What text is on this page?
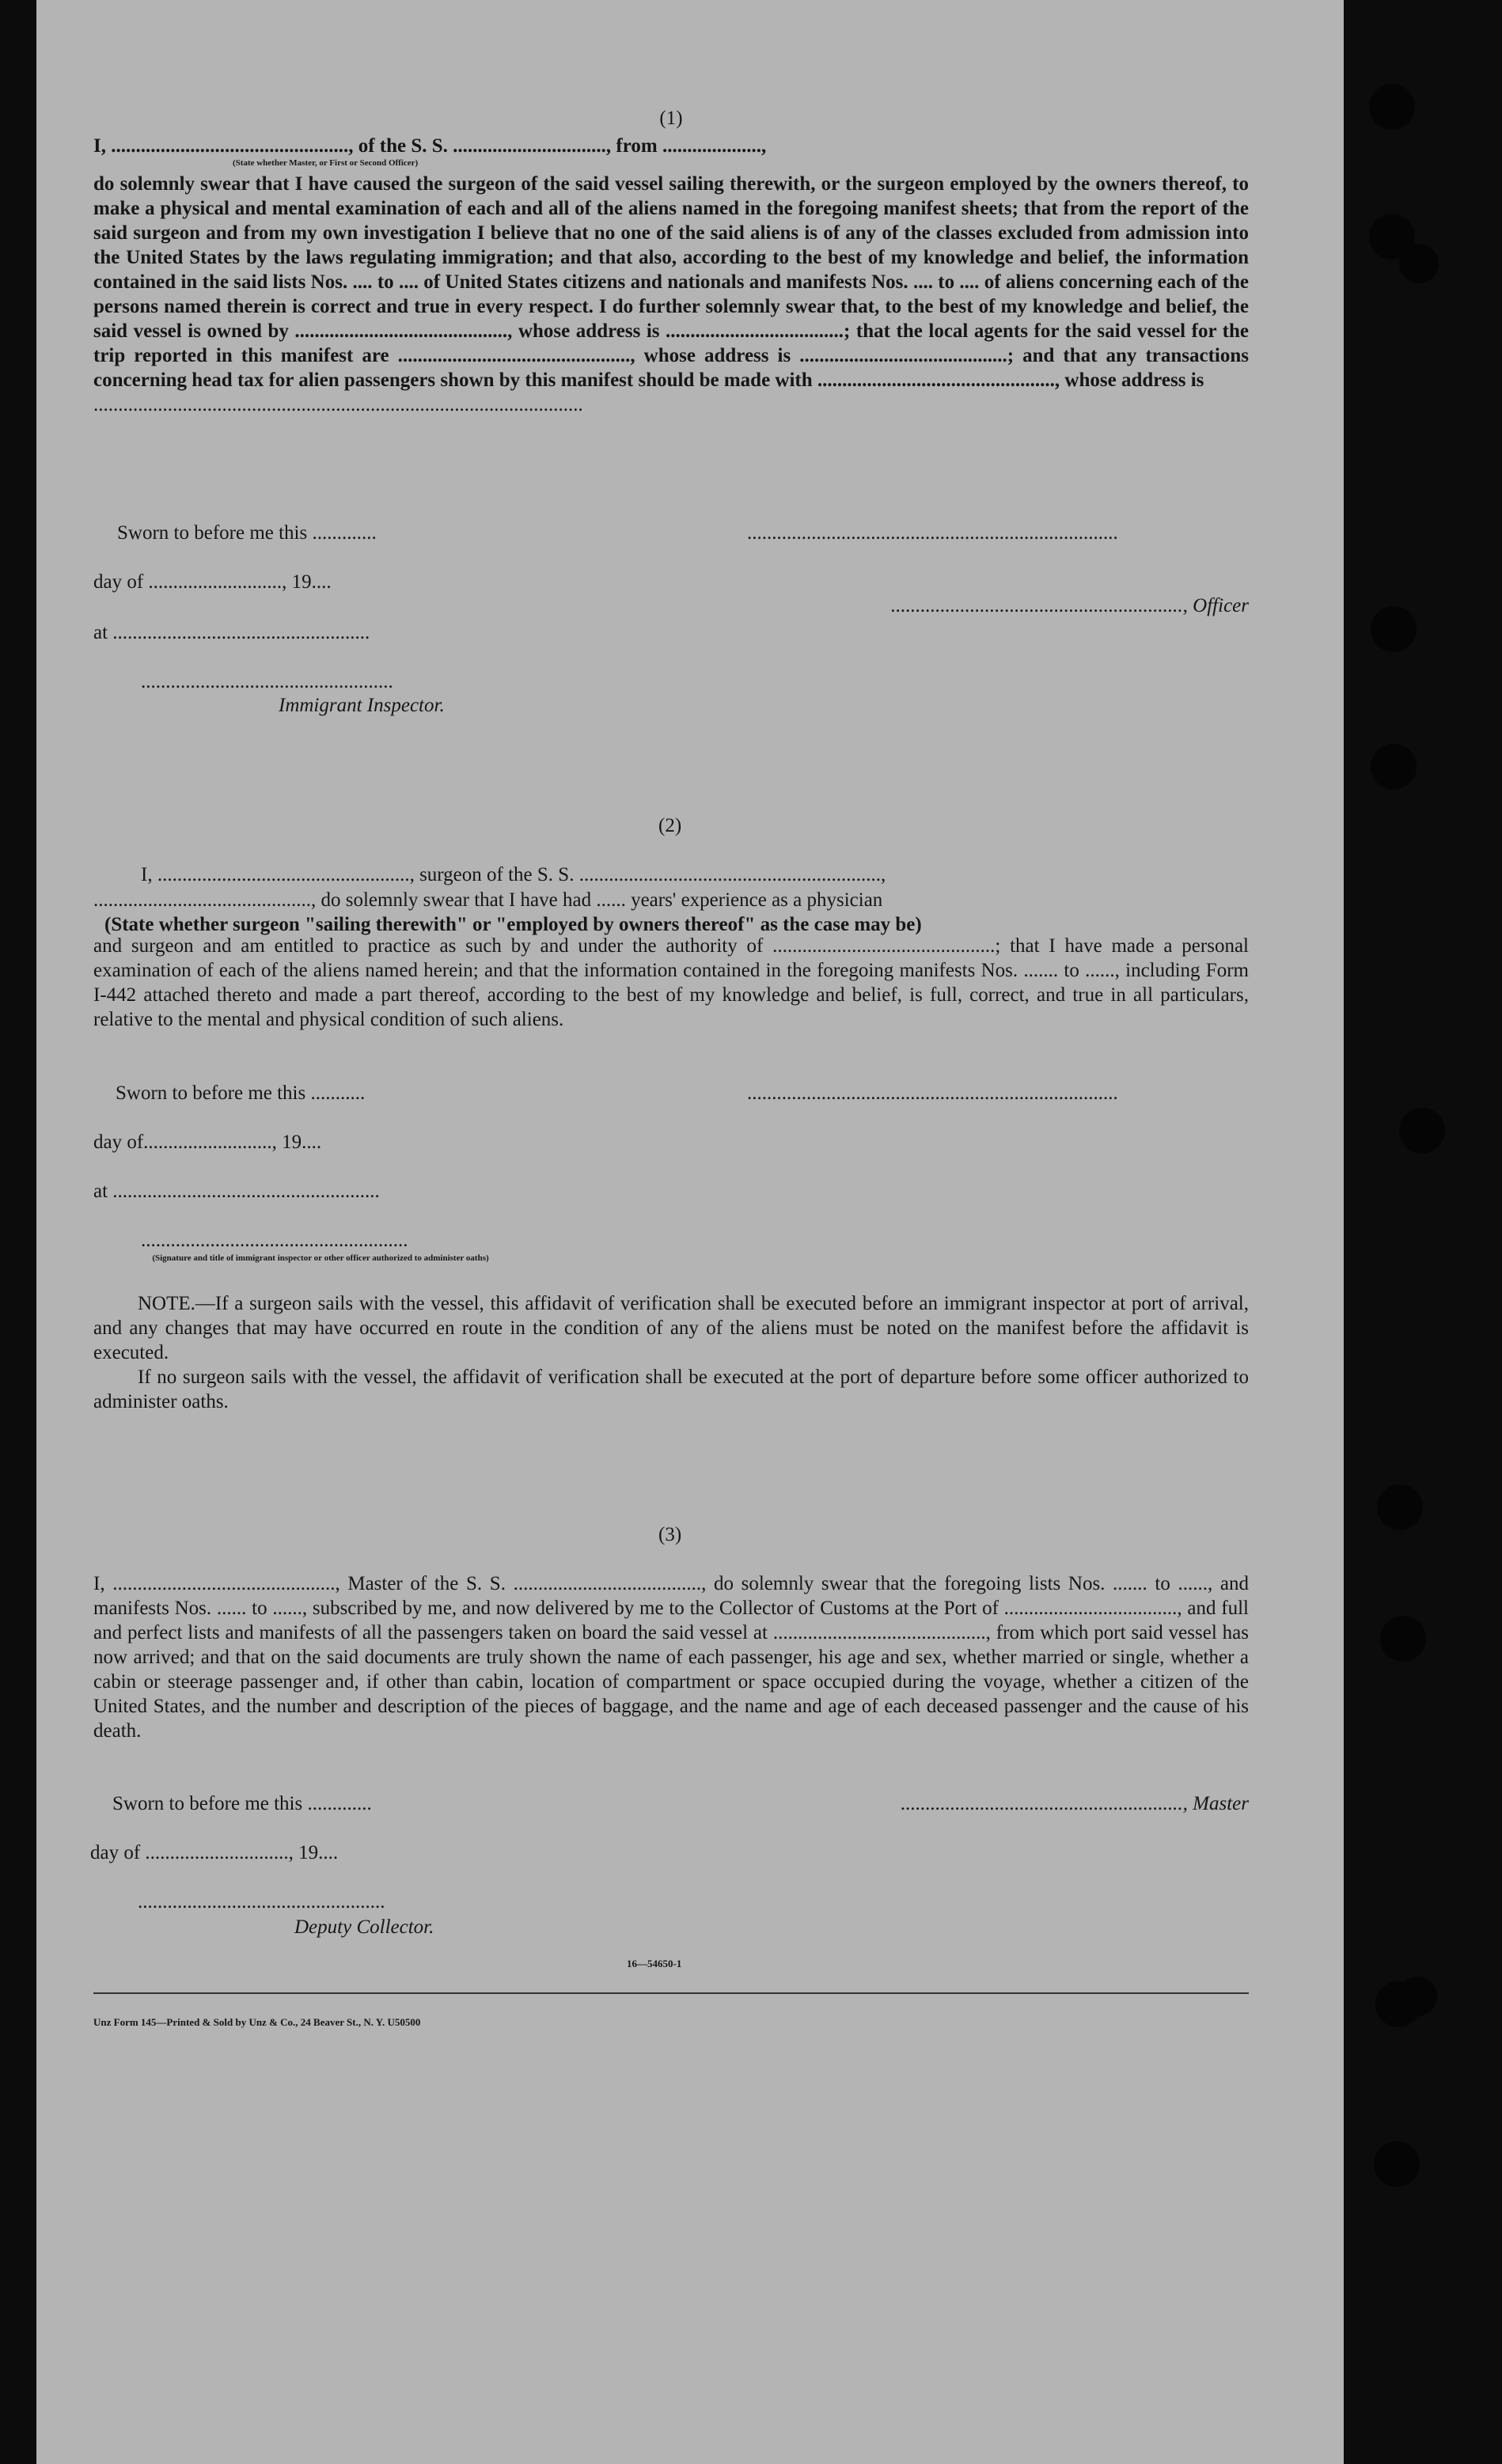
(1)

I, ................................................, of the S. S. ..............................., from ....................,

(State whether Master, or First or Second Officer)

do solemnly swear that I have caused the surgeon of the said vessel sailing therewith, or the surgeon employed by the owners thereof, to make a physical and mental examination of each and all of the aliens named in the foregoing manifest sheets; that from the report of the said surgeon and from my own investigation I believe that no one of the said aliens is of any of the classes excluded from admission into the United States by the laws regulating immigration; and that also, according to the best of my knowledge and belief, the information contained in the said lists Nos. .... to .... of United States citizens and nationals and manifests Nos. .... to .... of aliens concerning each of the persons named therein is correct and true in every respect. I do further solemnly swear that, to the best of my knowledge and belief, the said vessel is owned by ..........................................., whose address is ....................................; that the local agents for the said vessel for the trip reported in this manifest are ..............................................., whose address is ..........................................; and that any transactions concerning head tax for alien passengers shown by this manifest should be made with ................................................, whose address is

...................................................................................................

Sworn to before me this .............	...........................................................................
day of ..........................., 19....
..........................................................., Officer
at ....................................................
...................................................
Immigrant Inspector.
(2)
I, ..................................................., surgeon of the S. S. .............................................................,
............................................, do solemnly swear that I have had ...... years' experience as a physician
(State whether surgeon "sailing therewith" or "employed by owners thereof" as the case may be)

and surgeon and am entitled to practice as such by and under the authority of .............................................; that I have made a personal examination of each of the aliens named herein; and that the information contained in the foregoing manifests Nos. ....... to ......, including Form I-442 attached thereto and made a part thereof, according to the best of my knowledge and belief, is full, correct, and true in all particulars, relative to the mental and physical condition of such aliens.

Sworn to before me this ...........	...........................................................................
day of.........................., 19....
at ......................................................
......................................................
(Signature and title of immigrant inspector or other officer authorized to administer oaths)

NOTE.—If a surgeon sails with the vessel, this affidavit of verification shall be executed before an immigrant inspector at port of arrival, and any changes that may have occurred en route in the condition of any of the aliens must be noted on the manifest before the affidavit is executed.

If no surgeon sails with the vessel, the affidavit of verification shall be executed at the port of departure before some officer authorized to administer oaths.

(3)

I, ............................................., Master of the S. S. ......................................, do solemnly swear that the foregoing lists Nos. ....... to ......, and manifests Nos. ...... to ......, subscribed by me, and now delivered by me to the Collector of Customs at the Port of ..................................., and full and perfect lists and manifests of all the passengers taken on board the said vessel at ..........................................., from which port said vessel has now arrived; and that on the said documents are truly shown the name of each passenger, his age and sex, whether married or single, whether a cabin or steerage passenger and, if other than cabin, location of compartment or space occupied during the voyage, whether a citizen of the United States, and the number and description of the pieces of baggage, and the name and age of each deceased passenger and the cause of his death.

Sworn to before me this .............	........................................................., Master
day of ............................., 19....
..................................................
Deputy Collector.
16—54650-1
Unz Form 145—Printed & Sold by Unz & Co., 24 Beaver St., N. Y. U50500
